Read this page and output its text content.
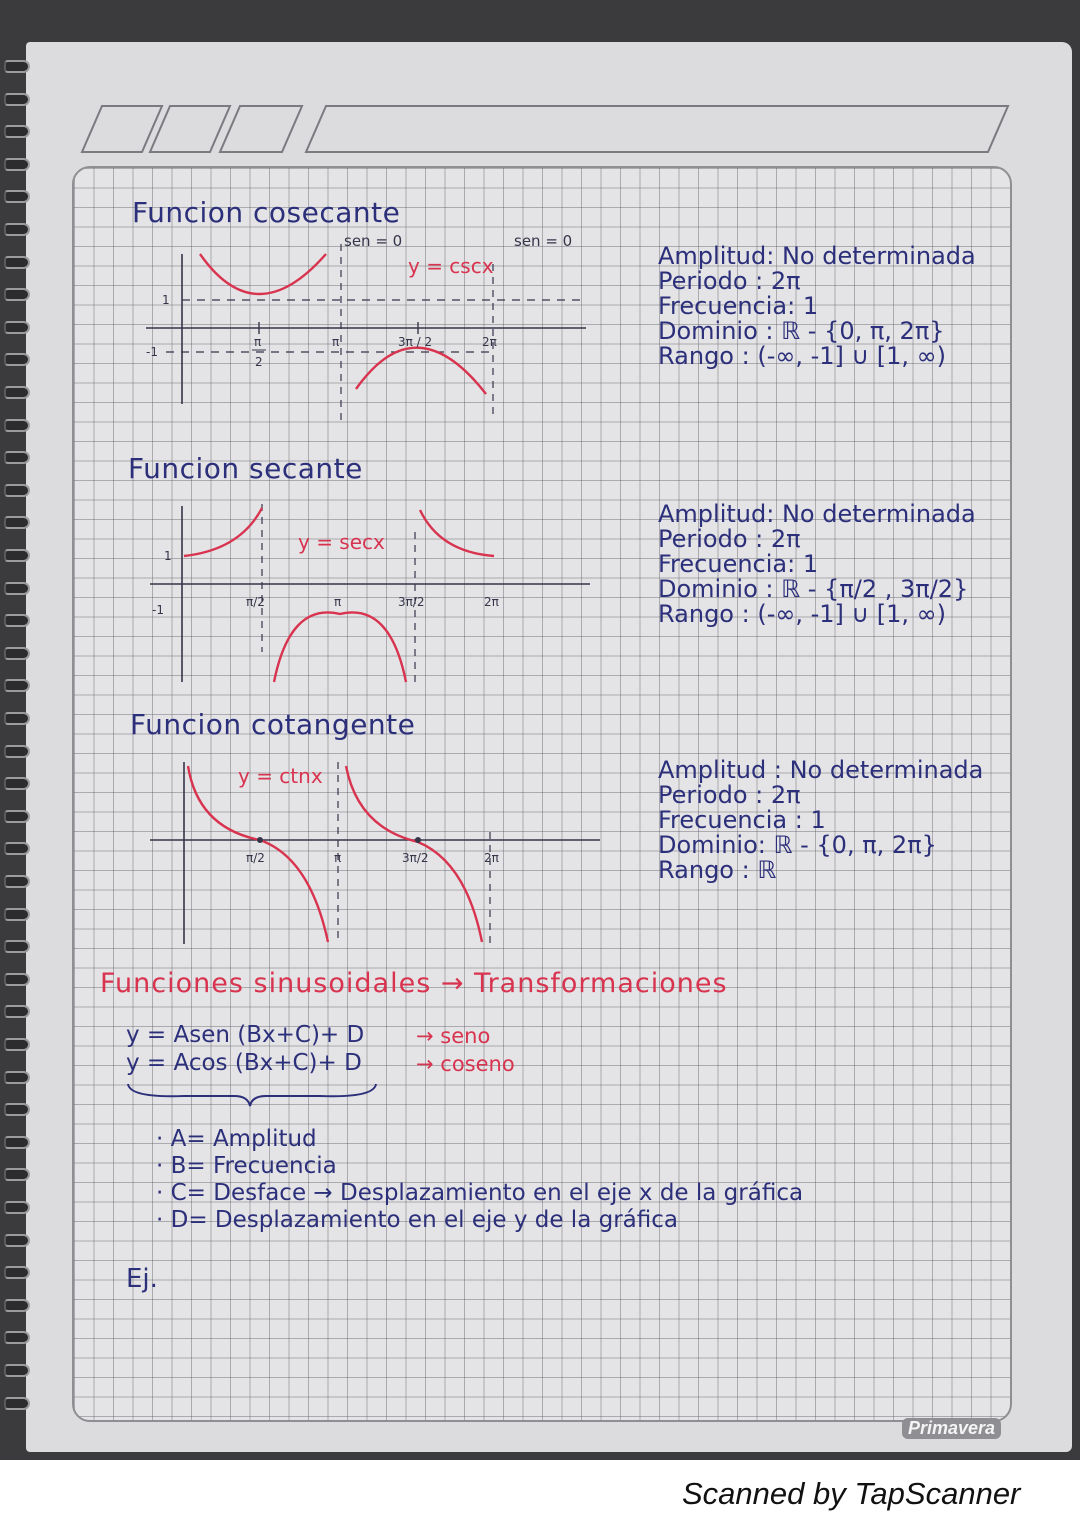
Funcion cosecante
1
-1
π
2
π	3π / 2	2π
sen = 0	sen = 0
y = cscx	Amplitud: No determinada
Periodo : 2π
Frecuencia: 1
Dominio : ℝ - {0, π, 2π}
Rango : (-∞, -1] ∪ [1, ∞)
Funcion secante
1
-1
π/2	π	3π/2	2π
y = secx
Amplitud: No determinada
Periodo : 2π
Frecuencia: 1
Dominio : ℝ - {π/2 , 3π/2}
Rango : (-∞, -1] ∪ [1, ∞)
Funcion cotangente
π/2	π	3π/2	2π
y = ctnx	Amplitud : No determinada
Periodo : 2π
Frecuencia : 1
Dominio: ℝ - {0, π, 2π}
Rango : ℝ
Funciones sinusoidales → Transformaciones
y = Asen (Bx+C)+ D
y = Acos (Bx+C)+ D
→ seno
→ coseno
· A= Amplitud
· B= Frecuencia
· C= Desface → Desplazamiento en el eje x de la gráfica
· D= Desplazamiento en el eje y de la gráfica
Ej.
Primavera
Scanned by TapScanner
